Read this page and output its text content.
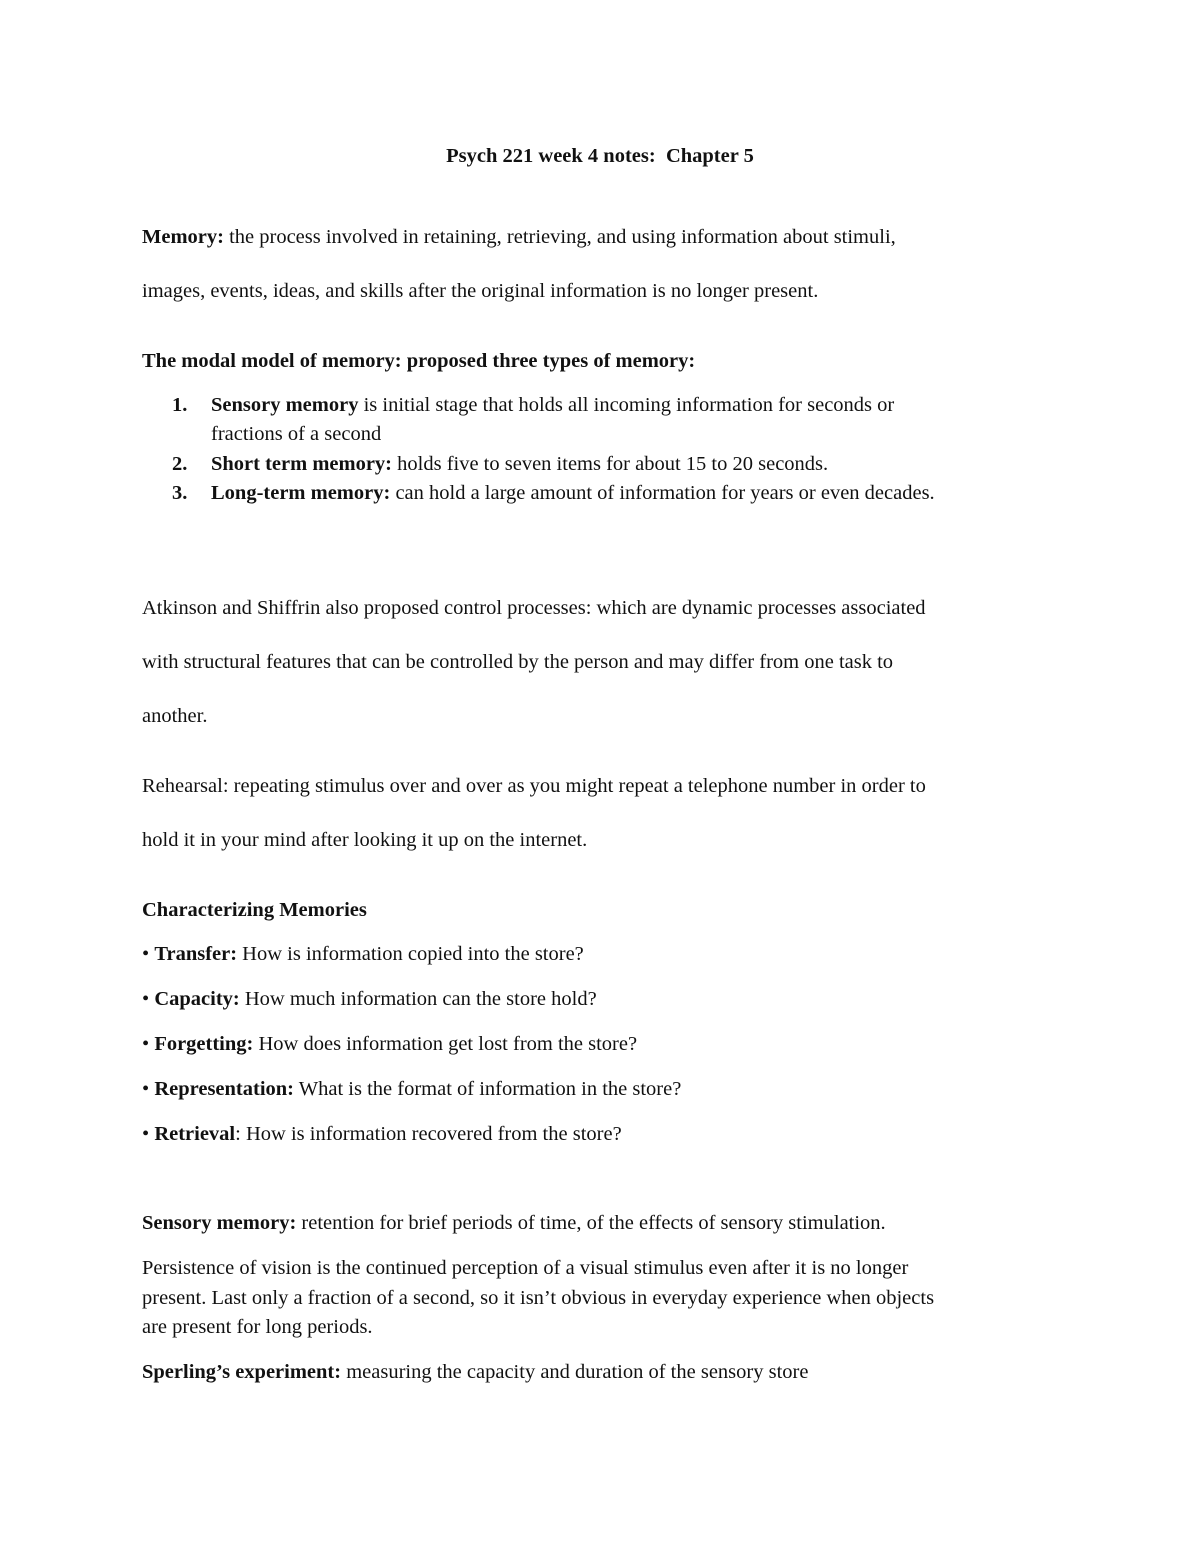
Psych 221 week 4 notes:  Chapter 5
Memory: the process involved in retaining, retrieving, and using information about stimuli,
images, events, ideas, and skills after the original information is no longer present.
The modal model of memory: proposed three types of memory:
1. Sensory memory is initial stage that holds all incoming information for seconds or
fractions of a second
2. Short term memory: holds five to seven items for about 15 to 20 seconds.
3. Long-term memory: can hold a large amount of information for years or even decades.
Atkinson and Shiffrin also proposed control processes: which are dynamic processes associated
with structural features that can be controlled by the person and may differ from one task to
another.
Rehearsal: repeating stimulus over and over as you might repeat a telephone number in order to
hold it in your mind after looking it up on the internet.
Characterizing Memories
• Transfer: How is information copied into the store?
• Capacity: How much information can the store hold?
• Forgetting: How does information get lost from the store?
• Representation: What is the format of information in the store?
• Retrieval: How is information recovered from the store?
Sensory memory: retention for brief periods of time, of the effects of sensory stimulation.
Persistence of vision is the continued perception of a visual stimulus even after it is no longer
present. Last only a fraction of a second, so it isn’t obvious in everyday experience when objects
are present for long periods.
Sperling’s experiment: measuring the capacity and duration of the sensory store
